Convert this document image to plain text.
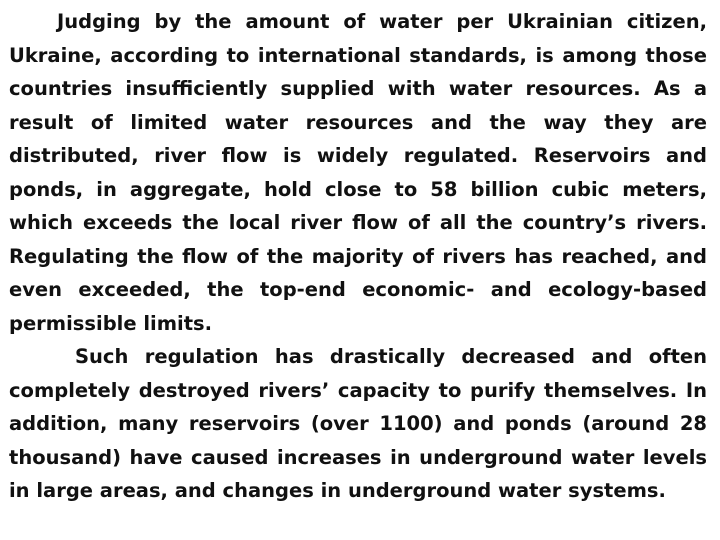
Judging by the amount of water per Ukrainian citizen, Ukraine, according to international standards, is among those countries insufficiently supplied with water resources. As a result of limited water resources and the way they are distributed, river flow is widely regulated. Reservoirs and ponds, in aggregate, hold close to 58 billion cubic meters, which exceeds the local river flow of all the country’s rivers. Regulating the flow of the majority of rivers has reached, and even exceeded, the top-end economic- and ecology-based permissible limits.

Such regulation has drastically decreased and often completely destroyed rivers’ capacity to purify themselves. In addition, many reservoirs (over 1100) and ponds (around 28 thousand) have caused increases in underground water levels in large areas, and changes in underground water systems.
